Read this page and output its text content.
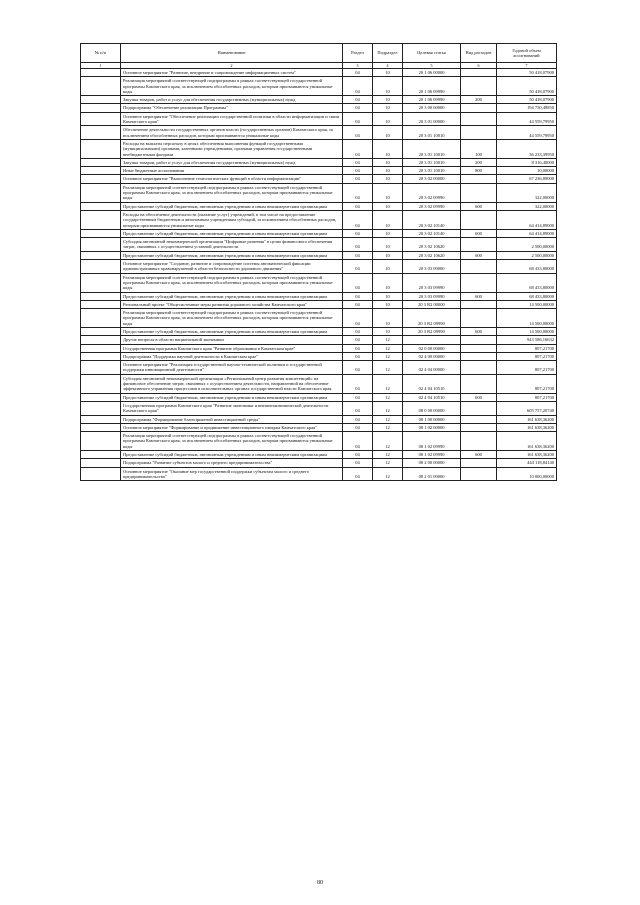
№ п/п	Наименование	Раздел	Подраздел	Целевая статья	Вид расходов	Годовой объем ассигнований
1	2	3	4	5	6	7
	Основное мероприятие "Развитие, внедрение и сопровождение информационных систем"	04	10	20 1 06 00000		50 418,07900
	Реализация мероприятий соответствующей подпрограммы в рамках соответствующей государственной программы Камчатского края, за исключением обособленных расходов, которым присваиваются уникальные коды	04	10	20 1 06 09990		50 418,07900
	Закупка товаров, работ и услуг для обеспечения государственных (муниципальных) нужд	04	10	20 1 06 09990	200	50 418,07900
	Подпрограмма "Обеспечение реализации Программы"	04	10	20 3 00 00000		194 730,48850
	Основное мероприятие "Обеспечение реализации государственной политики в области информатизации и связи Камчатского края"	04	10	20 3 01 00000		44 559,79950
	Обеспечение деятельности государственных органов власти (государственных органов) Камчатского края, за исключением обособленных расходов, которым присваиваются уникальные коды	04	10	20 3 01 10010		44 559,79950
	Расходы на выплаты персоналу в целях обеспечения выполнения функций государственными (муниципальными) органами, казенными учреждениями, органами управления государственными внебюджетными фондами	04	10	20 3 01 10010	100	36 233,39950
	Закупка товаров, работ и услуг для обеспечения государственных (муниципальных) нужд	04	10	20 3 01 10010	200	8 316,40000
	Иные бюджетные ассигнования	04	10	20 3 01 10010	800	10,00000
	Основное мероприятие "Выполнение технологических функций в области информатизации"	04	10	20 3 02 00000		67 236,89000
	Реализация мероприятий соответствующей подпрограммы в рамках соответствующей государственной программы Камчатского края, за исключением обособленных расходов, которым присваиваются уникальные коды	04	10	20 3 02 09990		322,00000
	Предоставление субсидий бюджетным, автономным учреждениям и иным некоммерческим организациям	04	10	20 3 02 09990	600	322,00000
	Расходы на обеспечение деятельности (оказание услуг) учреждений, в том числе на предоставление государственным бюджетным и автономным учреждениям субсидий, за исключением обособленных расходов, которым присваиваются уникальные коды	04	10	20 3 02 10140		64 414,89000
	Предоставление субсидий бюджетным, автономным учреждениям и иным некоммерческим организациям	04	10	20 3 02 10140	600	64 414,89000
	Субсидия автономной некоммерческой организации "Цифровые решения" в целях финансового обеспечения затрат, связанных с осуществлением уставной деятельности	04	10	20 3 02 10620		2 500,00000
	Предоставление субсидий бюджетным, автономным учреждениям и иным некоммерческим организациям	04	10	20 3 02 10620	600	2 500,00000
	Основное мероприятие "Создание, развитие и сопровождение системы автоматической фиксации административных правонарушений в области безопасности дорожного движения"	04	10	20 3 03 00000		68 433,80000
	Реализация мероприятий соответствующей подпрограммы в рамках соответствующей государственной программы Камчатского края, за исключением обособленных расходов, которым присваиваются уникальные коды	04	10	20 3 03 09990		68 433,80000
	Предоставление субсидий бюджетным, автономным учреждениям и иным некоммерческим организациям	04	10	20 3 03 09990	600	68 433,80000
	Региональный проект "Общесистемные меры развития дорожного хозяйства Камчатского края"	04	10	20 3 R2 00000		14 500,00000
	Реализация мероприятий соответствующей подпрограммы в рамках соответствующей государственной программы Камчатского края, за исключением обособленных расходов, которым присваиваются уникальные коды	04	10	20 3 R2 09990		14 500,00000
	Предоставление субсидий бюджетным, автономным учреждениям и иным некоммерческим организациям	04	10	20 3 R2 09990	600	14 500,00000
	Другие вопросы в области национальной экономики	04	12			943 586,16632
	Государственная программа Камчатского края "Развитие образования в Камчатском крае"	04	12	02 0 00 00000		807,21700
	Подпрограмма "Поддержка научной деятельности в Камчатском крае"	04	12	02 4 00 00000		807,21700
	Основное мероприятие "Реализация государственной научно-технической политики и государственной поддержки инновационной деятельности"	04	12	02 4 04 00000		807,21700
	Субсидия автономной некоммерческой организации «Региональный центр развития компетенций» на финансовое обеспечение затрат, связанных с осуществлением деятельности, направленной на обеспечение эффективного управления процессами в исполнительных органах государственной власти Камчатского края	04	12	02 4 04 10510		807,21700
	Предоставление субсидий бюджетным, автономным учреждениям и иным некоммерческим организациям	04	12	02 4 04 10510	600	807,21700
	Государственная программа Камчатского края "Развитие экономики и внешнеэкономической деятельности Камчатского края"	04	12	08 0 00 00000		605 757,20740
	Подпрограмма "Формирование благоприятной инвестиционной среды"	04	12	08 1 00 00000		161 638,36200
	Основное мероприятие "Формирование и продвижение инвестиционного имиджа Камчатского края"	04	12	08 1 02 00000		161 638,36200
	Реализация мероприятий соответствующей подпрограммы в рамках соответствующей государственной программы Камчатского края, за исключением обособленных расходов, которым присваиваются уникальные коды	04	12	08 1 02 09990		161 638,36200
	Предоставление субсидий бюджетным, автономным учреждениям и иным некоммерческим организациям	04	12	08 1 02 09990	600	161 638,36200
	Подпрограмма "Развитие субъектов малого и среднего предпринимательства"	04	12	08 2 00 00000		444 118,84140
	Основное мероприятие "Оказание мер государственной поддержки субъектам малого и среднего предпринимательства"	04	12	08 2 01 00000		10 000,00000
80
